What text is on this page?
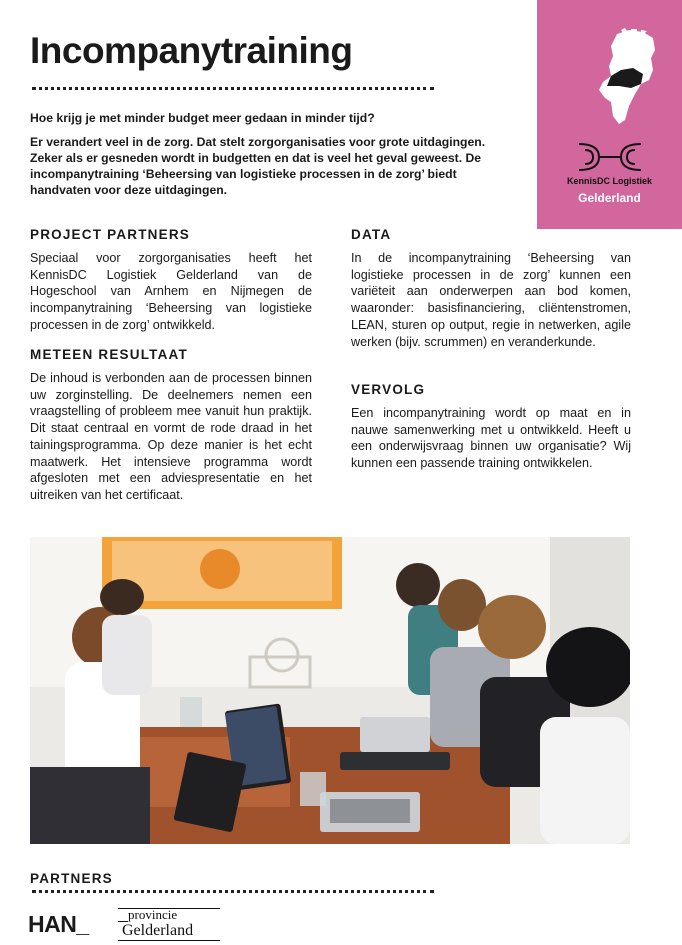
Incompanytraining
Hoe krijg je met minder budget meer gedaan in minder tijd?

Er verandert veel in de zorg. Dat stelt zorgorganisaties voor grote uitdagingen. Zeker als er gesneden wordt in budgetten en dat is veel het geval geweest. De incompanytraining ‘Beheersing van logistieke processen in de zorg’ biedt handvaten voor deze uitdagingen.

KennisDC Logistiek
Gelderland
PROJECT PARTNERS

Speciaal voor zorgorganisaties heeft het KennisDC Logistiek Gelderland van de Hogeschool van Arnhem en Nijmegen de incompanytraining ‘Beheersing van logistieke processen in de zorg’ ontwikkeld.

METEEN RESULTAAT

De inhoud is verbonden aan de processen binnen uw zorginstelling. De deelnemers nemen een vraagstelling of probleem mee vanuit hun praktijk. Dit staat centraal en vormt de rode draad in het tainingsprogramma. Op deze manier is het echt maatwerk. Het intensieve programma wordt afgesloten met een adviespresentatie en het uitreiken van het certificaat.

DATA

In de incompanytraining ‘Beheersing van logistieke processen in de zorg’ kunnen een variëteit aan onderwerpen aan bod komen, waaronder: basisfinanciering, cliëntenstromen, LEAN, sturen op output, regie in netwerken, agile werken (bijv. scrummen) en veranderkunde.

VERVOLG

Een incompanytraining wordt op maat en in nauwe samenwerking met u ontwikkeld. Heeft u een onderwijsvraag binnen uw organisatie? Wij kunnen een passende training ontwikkelen.

PARTNERS
HAN_	provincie
Gelderland
